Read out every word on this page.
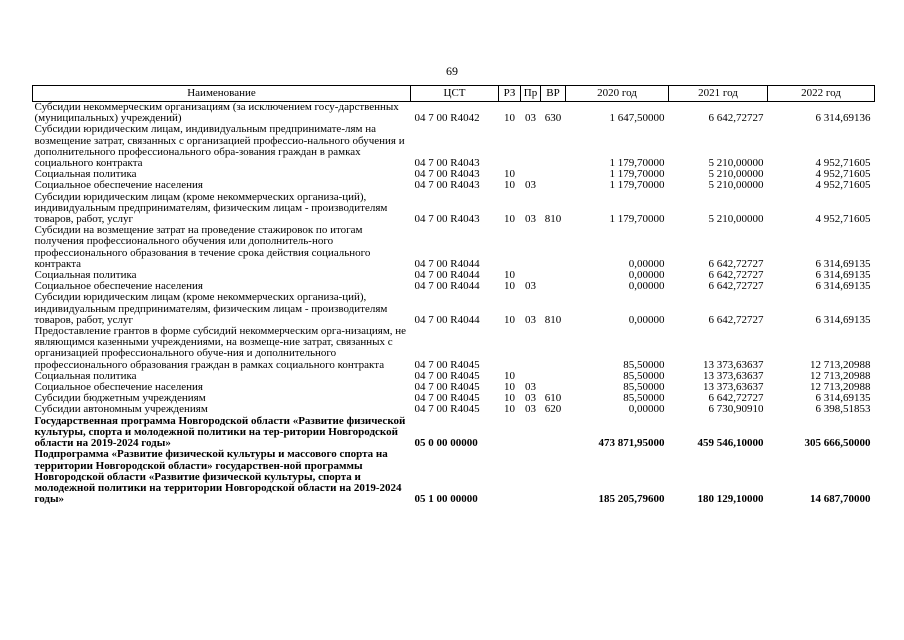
69
Наименование	ЦСТ	РЗ	Пр	ВР	2020 год	2021 год	2022 год
Субсидии некоммерческим организациям (за исключением госу-дарственных (муниципальных) учреждений)	04 7 00 R4042	10	03	630	1 647,50000	6 642,72727	6 314,69136
Субсидии юридическим лицам, индивидуальным предпринимате-лям на возмещение затрат, связанных с организацией профессио-нального обучения и дополнительного профессионального обра-зования граждан в рамках социального контракта	04 7 00 R4043				1 179,70000	5 210,00000	4 952,71605
Социальная политика	04 7 00 R4043	10			1 179,70000	5 210,00000	4 952,71605
Социальное обеспечение населения	04 7 00 R4043	10	03		1 179,70000	5 210,00000	4 952,71605
Субсидии юридическим лицам (кроме некоммерческих организа-ций), индивидуальным предпринимателям, физическим лицам - производителям товаров, работ, услуг	04 7 00 R4043	10	03	810	1 179,70000	5 210,00000	4 952,71605
Субсидии на возмещение затрат на проведение стажировок по итогам получения профессионального обучения или дополнитель-ного профессионального образования в течение срока действия социального контракта	04 7 00 R4044				0,00000	6 642,72727	6 314,69135
Социальная политика	04 7 00 R4044	10			0,00000	6 642,72727	6 314,69135
Социальное обеспечение населения	04 7 00 R4044	10	03		0,00000	6 642,72727	6 314,69135
Субсидии юридическим лицам (кроме некоммерческих организа-ций), индивидуальным предпринимателям, физическим лицам - производителям товаров, работ, услуг	04 7 00 R4044	10	03	810	0,00000	6 642,72727	6 314,69135
Предоставление грантов в форме субсидий некоммерческим орга-низациям, не являющимся казенными учреждениями, на возмеще-ние затрат, связанных с организацией профессионального обуче-ния и дополнительного профессионального образования граждан в рамках социального контракта	04 7 00 R4045				85,50000	13 373,63637	12 713,20988
Социальная политика	04 7 00 R4045	10			85,50000	13 373,63637	12 713,20988
Социальное обеспечение населения	04 7 00 R4045	10	03		85,50000	13 373,63637	12 713,20988
Субсидии бюджетным учреждениям	04 7 00 R4045	10	03	610	85,50000	6 642,72727	6 314,69135
Субсидии автономным учреждениям	04 7 00 R4045	10	03	620	0,00000	6 730,90910	6 398,51853
Государственная программа Новгородской области «Развитие физической культуры, спорта и молодежной политики на тер-ритории Новгородской области на 2019-2024 годы»	05 0 00 00000				473 871,95000	459 546,10000	305 666,50000
Подпрограмма «Развитие физической культуры и массового спорта на территории Новгородской области» государствен-ной программы Новгородской области «Развитие физической культуры, спорта и молодежной политики на территории Новгородской области на 2019-2024 годы»	05 1 00 00000				185 205,79600	180 129,10000	14 687,70000
